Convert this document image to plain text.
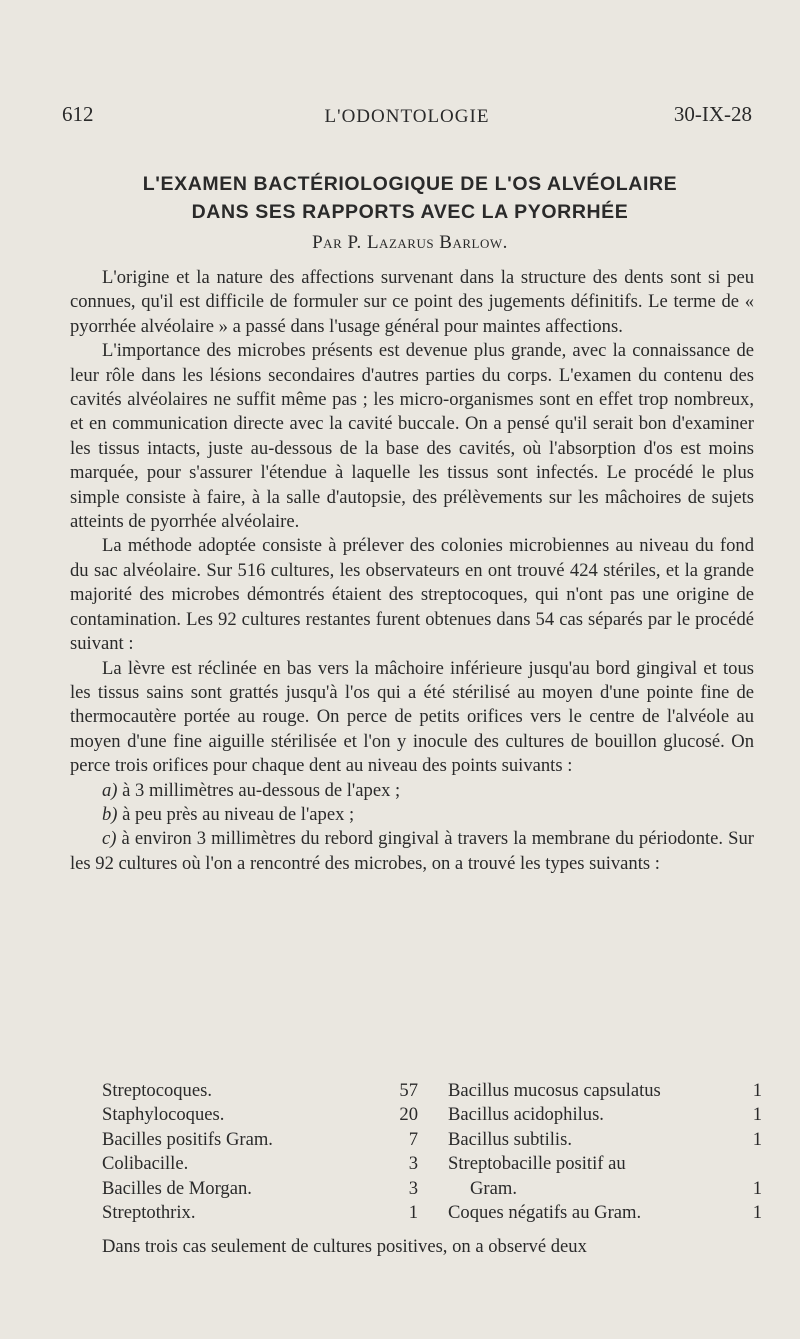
612	L'ODONTOLOGIE	30-IX-28
L'EXAMEN BACTÉRIOLOGIQUE DE L'OS ALVÉOLAIRE
DANS SES RAPPORTS AVEC LA PYORRHÉE
Par P. Lazarus Barlow.

L'origine et la nature des affections survenant dans la structure des dents sont si peu connues, qu'il est difficile de formuler sur ce point des jugements définitifs. Le terme de « pyorrhée alvéolaire » a passé dans l'usage général pour maintes affections.

L'importance des microbes présents est devenue plus grande, avec la connaissance de leur rôle dans les lésions secondaires d'autres parties du corps. L'examen du contenu des cavités alvéolaires ne suffit même pas ; les micro-organismes sont en effet trop nombreux, et en communication directe avec la cavité buccale. On a pensé qu'il serait bon d'examiner les tissus intacts, juste au-dessous de la base des cavités, où l'absorption d'os est moins marquée, pour s'assurer l'étendue à laquelle les tissus sont infectés. Le procédé le plus simple consiste à faire, à la salle d'autopsie, des prélèvements sur les mâchoires de sujets atteints de pyorrhée alvéolaire.

La méthode adoptée consiste à prélever des colonies microbiennes au niveau du fond du sac alvéolaire. Sur 516 cultures, les observateurs en ont trouvé 424 stériles, et la grande majorité des microbes démontrés étaient des streptocoques, qui n'ont pas une origine de contamination. Les 92 cultures restantes furent obtenues dans 54 cas séparés par le procédé suivant :

La lèvre est réclinée en bas vers la mâchoire inférieure jusqu'au bord gingival et tous les tissus sains sont grattés jusqu'à l'os qui a été stérilisé au moyen d'une pointe fine de thermocautère portée au rouge. On perce de petits orifices vers le centre de l'alvéole au moyen d'une fine aiguille stérilisée et l'on y inocule des cultures de bouillon glucosé. On perce trois orifices pour chaque dent au niveau des points suivants :

a) à 3 millimètres au-dessous de l'apex ;

b) à peu près au niveau de l'apex ;

c) à environ 3 millimètres du rebord gingival à travers la membrane du périodonte. Sur les 92 cultures où l'on a rencontré des microbes, on a trouvé les types suivants :

Streptocoques.	57 Bacillus mucosus capsulatus	1
Staphylocoques.	20 Bacillus acidophilus.	1
Bacilles positifs Gram.	7 Bacillus subtilis.	1
Colibacille.	3 Streptobacille positif au
Bacilles de Morgan.	3	Gram.	1
Streptothrix.	1 Coques négatifs au Gram.	1
Dans trois cas seulement de cultures positives, on a observé deux
